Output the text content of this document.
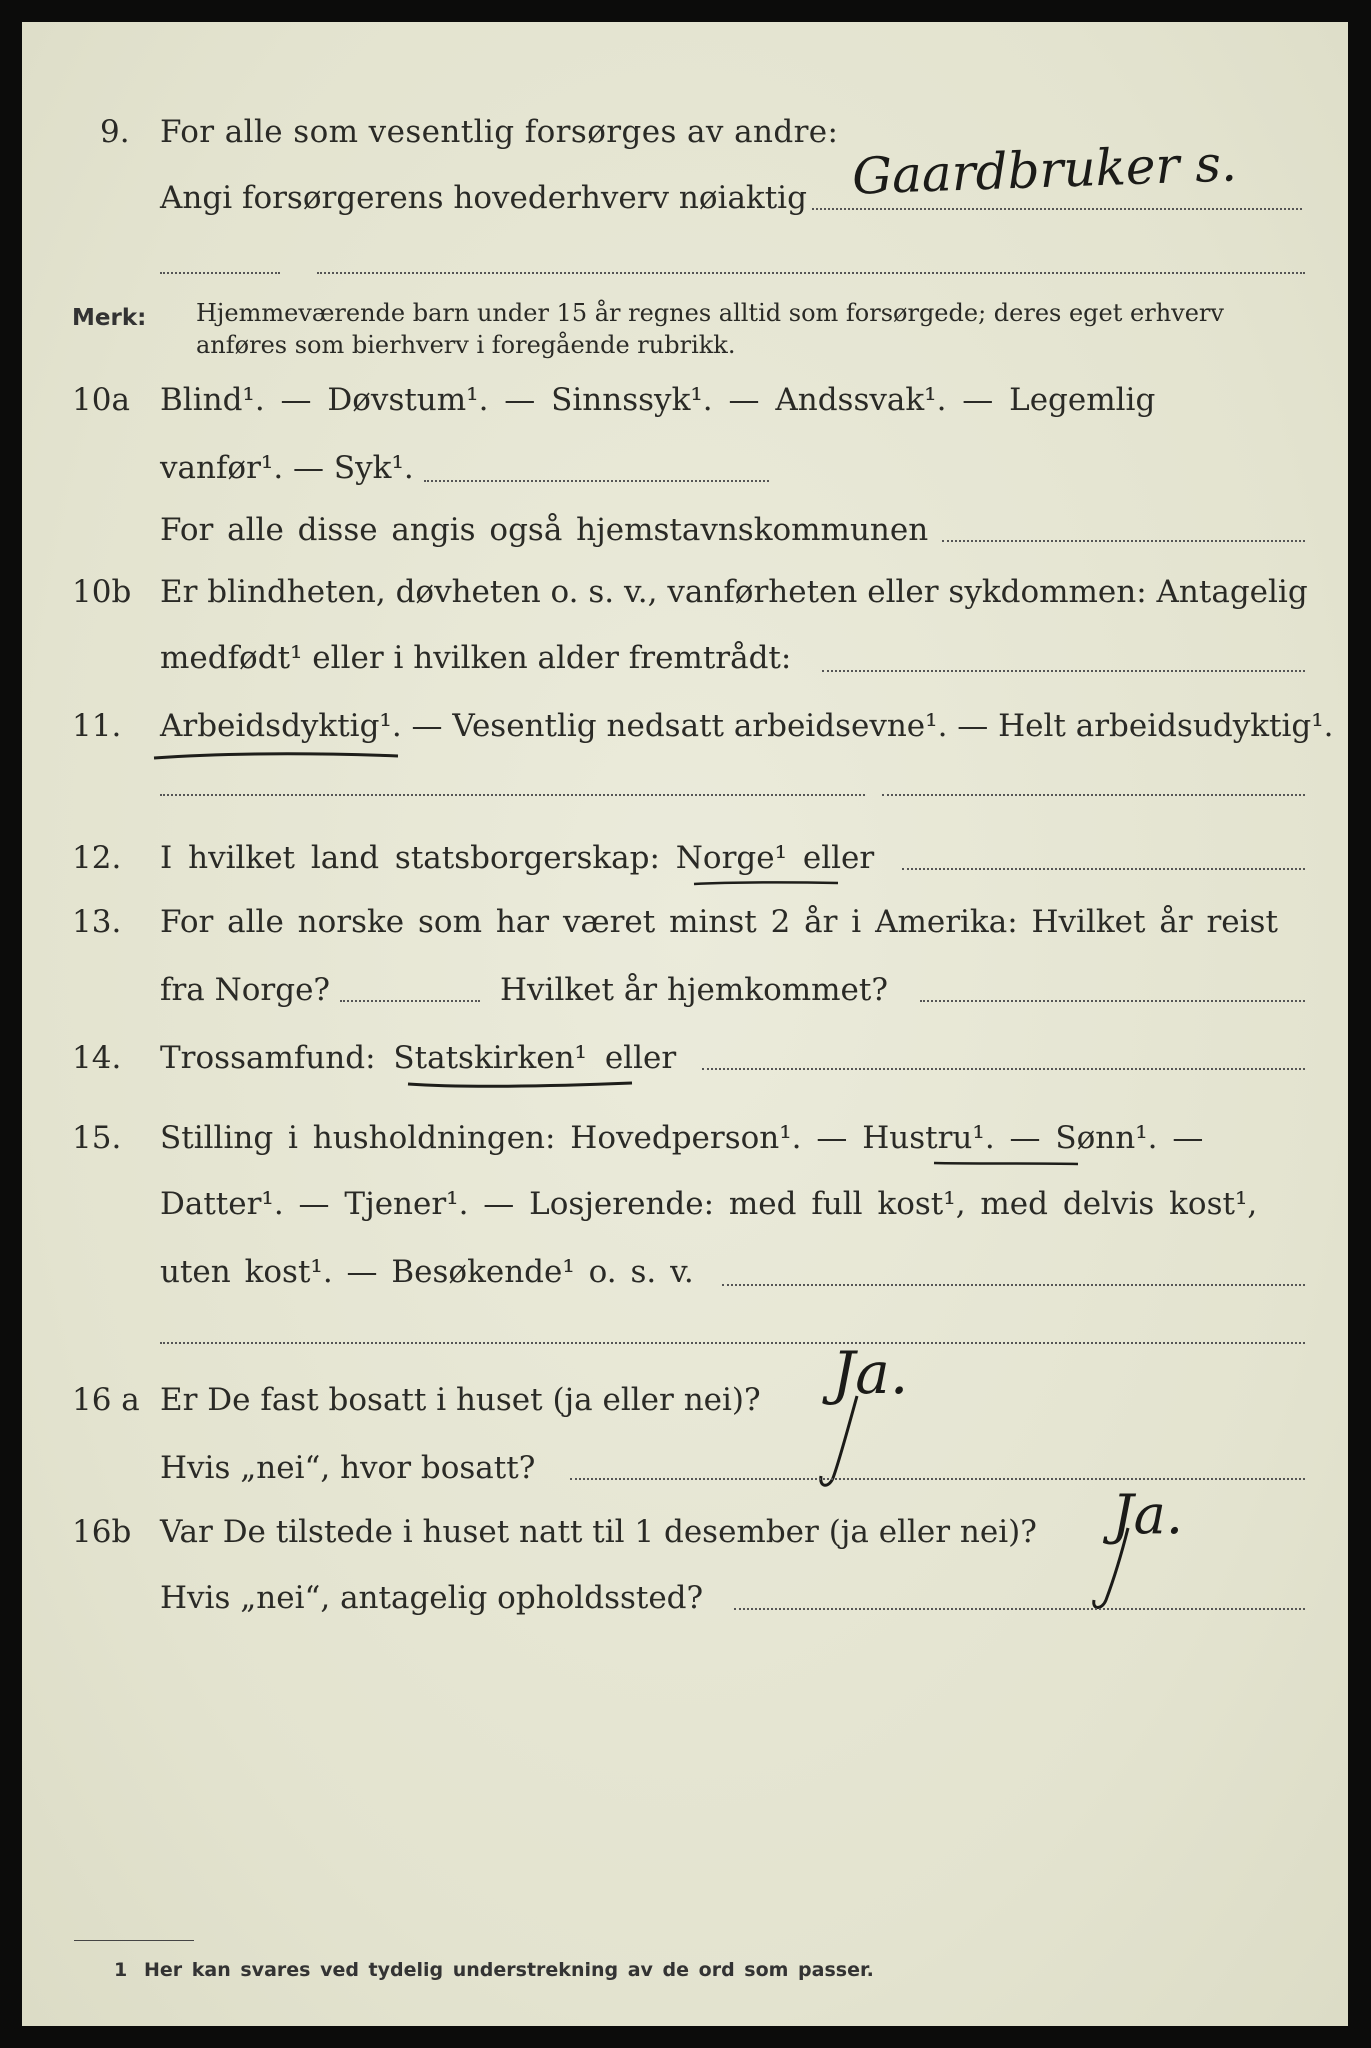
9. For alle som vesentlig forsørges av andre:
Angi forsørgerens hovederhverv nøiaktig Gaardbruker s.
Merk: Hjemmeværende barn under 15 år regnes alltid som forsørgede; deres eget erhverv
anføres som bierhverv i foregående rubrikk.
10a Blind¹. — Døvstum¹. — Sinnssyk¹. — Andssvak¹. — Legemlig
vanfør¹. — Syk¹.
For alle disse angis også hjemstavnskommunen
10b Er blindheten, døvheten o. s. v., vanførheten eller sykdommen: Antagelig
medfødt¹ eller i hvilken alder fremtrådt:
11. Arbeidsdyktig¹. — Vesentlig nedsatt arbeidsevne¹. — Helt arbeidsudyktig¹.
12. I hvilket land statsborgerskap: Norge¹ eller
13. For alle norske som har været minst 2 år i Amerika: Hvilket år reist
fra Norge?	Hvilket år hjemkommet?
14. Trossamfund: Statskirken¹ eller
15. Stilling i husholdningen: Hovedperson¹. — Hustru¹. — Sønn¹. —
Datter¹. — Tjener¹. — Losjerende: med full kost¹, med delvis kost¹,
uten kost¹. — Besøkende¹ o. s. v.
16 a Er De fast bosatt i huset (ja eller nei)? Ja.
Hvis „nei“, hvor bosatt?
16b Var De tilstede i huset natt til 1 desember (ja eller nei)? Ja.
Hvis „nei“, antagelig opholdssted?
1 Her kan svares ved tydelig understrekning av de ord som passer.
